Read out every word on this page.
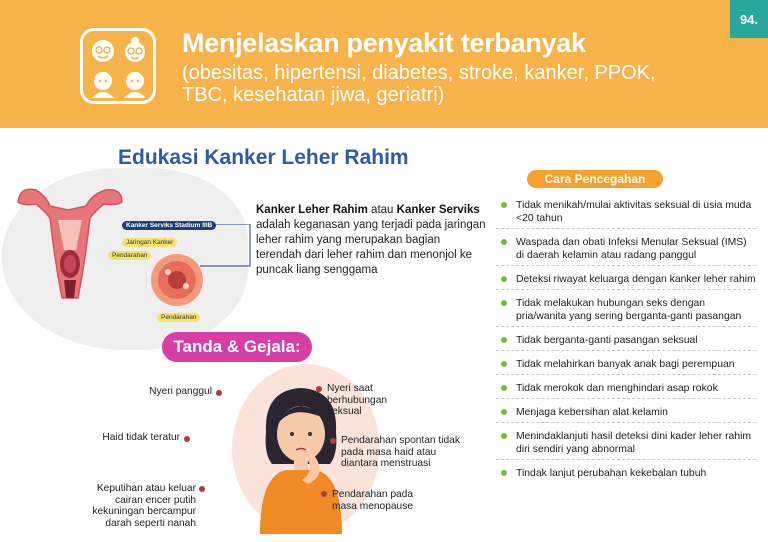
94.
Menjelaskan penyakit terbanyak
(obesitas, hipertensi, diabetes, stroke, kanker, PPOK, TBC, kesehatan jiwa, geriatri)
Edukasi Kanker Leher Rahim
Kanker Serviks Stadium IIIB
Jaringan Kanker
Pendarahan
Pendarahan
Kanker Leher Rahim atau Kanker Serviks adalah keganasan yang terjadi pada jaringan leher rahim yang merupakan bagian terendah dari leher rahim dan menonjol ke puncak liang senggama
Cara Pencegahan
Tidak menikah/mulai aktivitas seksual di usia muda <20 tahun
Waspada dan obati Infeksi Menular Seksual (IMS) di daerah kelamin atau radang panggul
Deteksi riwayat keluarga dengan kanker leher rahim
Tidak melakukan hubungan seks dengan pria/wanita yang sering berganta-ganti pasangan
Tidak berganta-ganti pasangan seksual
Tidak melahirkan banyak anak bagi perempuan
Tidak merokok dan menghindari asap rokok
Menjaga kebersihan alat kelamin
Menindaklanjuti hasil deteksi dini kader leher rahim diri sendiri yang abnormal
Tindak lanjut perubahan kekebalan tubuh
Tanda & Gejala:
Nyeri panggul
Haid tidak teratur
Keputihan atau keluar cairan encer putih kekuningan bercampur darah seperti nanah
Nyeri saat berhubungan seksual
Pendarahan spontan tidak pada masa haid atau diantara menstruasi
Pendarahan pada masa menopause
